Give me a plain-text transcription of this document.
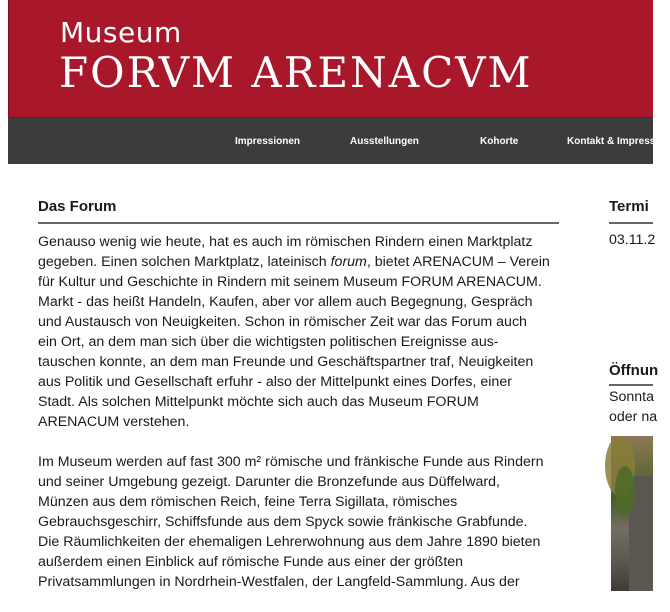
Museum
FORVM ARENACVM
Impressionen	Ausstellungen	Kohorte	Kontakt & Impressum
Das Forum

Genauso wenig wie heute, hat es auch im römischen Rindern einen Marktplatz
gegeben. Einen solchen Marktplatz, lateinisch forum, bietet ARENACUM – Verein
für Kultur und Geschichte in Rindern mit seinem Museum FORUM ARENACUM.
Markt - das heißt Handeln, Kaufen, aber vor allem auch Begegnung, Gespräch
und Austausch von Neuigkeiten. Schon in römischer Zeit war das Forum auch
ein Ort, an dem man sich über die wichtigsten politischen Ereignisse aus-
tauschen konnte, an dem man Freunde und Geschäftspartner traf, Neuigkeiten
aus Politik und Gesellschaft erfuhr - also der Mittelpunkt eines Dorfes, einer
Stadt. Als solchen Mittelpunkt möchte sich auch das Museum FORUM
ARENACUM verstehen.

Im Museum werden auf fast 300 m² römische und fränkische Funde aus Rindern
und seiner Umgebung gezeigt. Darunter die Bronzefunde aus Düffelward,
Münzen aus dem römischen Reich, feine Terra Sigillata, römisches
Gebrauchsgeschirr, Schiffsfunde aus dem Spyck sowie fränkische Grabfunde.
Die Räumlichkeiten der ehemaligen Lehrerwohnung aus dem Jahre 1890 bieten
außerdem einen Einblick auf römische Funde aus einer der größten
Privatsammlungen in Nordrhein-Westfalen, der Langfeld-Sammlung. Aus der

Termi
03.11.2
Öffnun
Sonnta
oder na
